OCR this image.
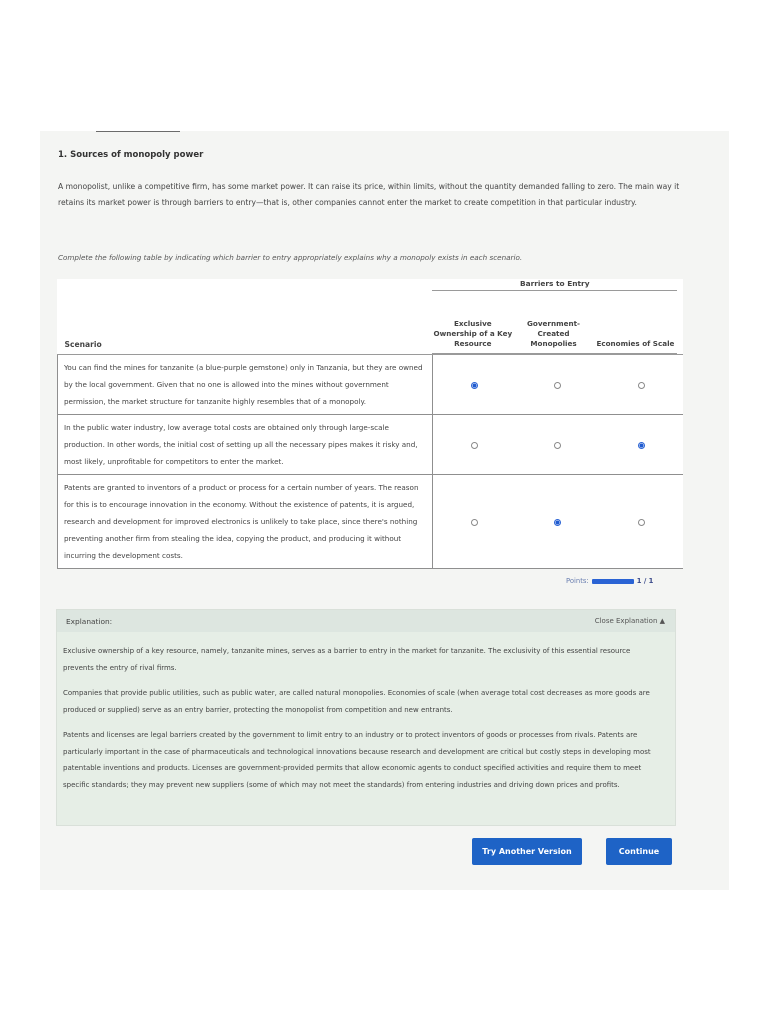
1. Sources of monopoly power
A monopolist, unlike a competitive firm, has some market power. It can raise its price, within limits, without the quantity demanded falling to zero. The main way it retains its market power is through barriers to entry—that is, other companies cannot enter the market to create competition in that particular industry.
Complete the following table by indicating which barrier to entry appropriately explains why a monopoly exists in each scenario.
Scenario	
Barriers to Entry
Exclusive Ownership of a Key Resource	Government-Created Monopolies	Economies of Scale

You can find the mines for tanzanite (a blue-purple gemstone) only in Tanzania, but they are owned by the local government. Given that no one is allowed into the mines without government permission, the market structure for tanzanite highly resembles that of a monopoly.			
In the public water industry, low average total costs are obtained only through large-scale production. In other words, the initial cost of setting up all the necessary pipes makes it risky and, most likely, unprofitable for competitors to enter the market.			
Patents are granted to inventors of a product or process for a certain number of years. The reason for this is to encourage innovation in the economy. Without the existence of patents, it is argued, research and development for improved electronics is unlikely to take place, since there's nothing preventing another firm from stealing the idea, copying the product, and producing it without incurring the development costs.			
Points:	1 / 1
Explanation:	Close Explanation ▲

Exclusive ownership of a key resource, namely, tanzanite mines, serves as a barrier to entry in the market for tanzanite. The exclusivity of this essential resource prevents the entry of rival firms.

Companies that provide public utilities, such as public water, are called natural monopolies. Economies of scale (when average total cost decreases as more goods are produced or supplied) serve as an entry barrier, protecting the monopolist from competition and new entrants.

Patents and licenses are legal barriers created by the government to limit entry to an industry or to protect inventors of goods or processes from rivals. Patents are particularly important in the case of pharmaceuticals and technological innovations because research and development are critical but costly steps in developing most patentable inventions and products. Licenses are government-provided permits that allow economic agents to conduct specified activities and require them to meet specific standards; they may prevent new suppliers (some of which may not meet the standards) from entering industries and driving down prices and profits.

Try Another Version	Continue
